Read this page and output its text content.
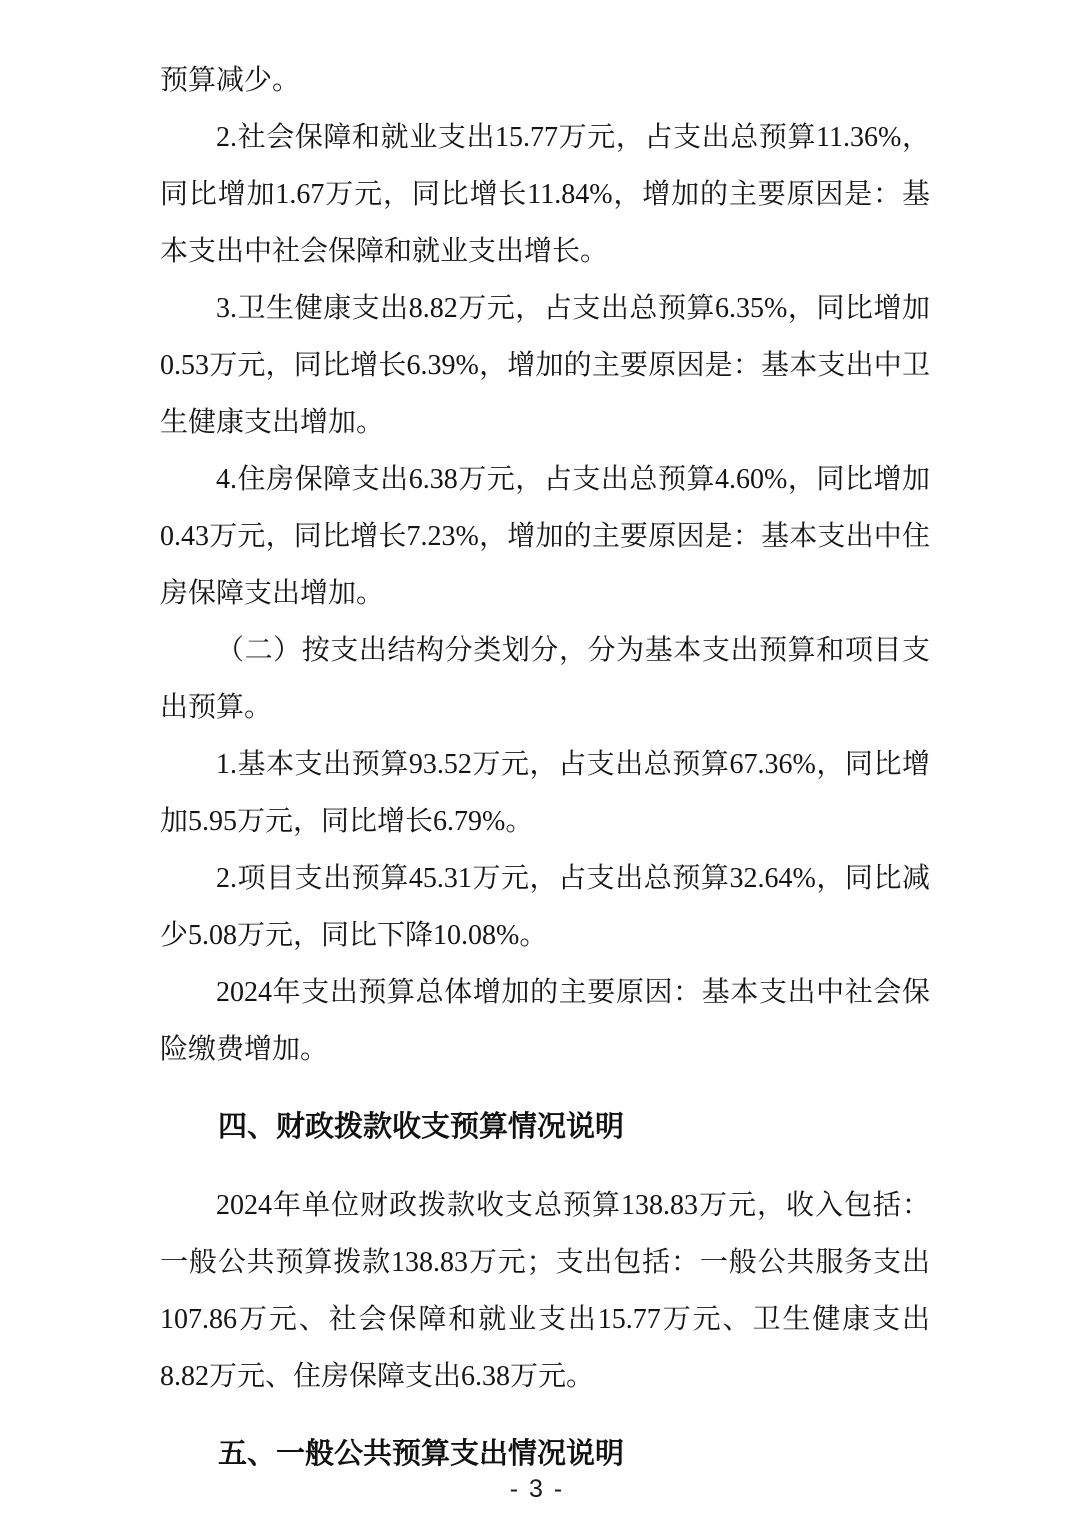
预算减少。

2.社会保障和就业支出15.77万元，占支出总预算11.36%，同比增加1.67万元，同比增长11.84%，增加的主要原因是：基本支出中社会保障和就业支出增长。

3.卫生健康支出8.82万元，占支出总预算6.35%，同比增加0.53万元，同比增长6.39%，增加的主要原因是：基本支出中卫生健康支出增加。

4.住房保障支出6.38万元，占支出总预算4.60%，同比增加0.43万元，同比增长7.23%，增加的主要原因是：基本支出中住房保障支出增加。

（二）按支出结构分类划分，分为基本支出预算和项目支出预算。

1.基本支出预算93.52万元，占支出总预算67.36%，同比增加5.95万元，同比增长6.79%。

2.项目支出预算45.31万元，占支出总预算32.64%，同比减少5.08万元，同比下降10.08%。

2024年支出预算总体增加的主要原因：基本支出中社会保险缴费增加。

四、财政拨款收支预算情况说明

2024年单位财政拨款收支总预算138.83万元，收入包括：一般公共预算拨款138.83万元；支出包括：一般公共服务支出107.86万元、社会保障和就业支出15.77万元、卫生健康支出8.82万元、住房保障支出6.38万元。

五、一般公共预算支出情况说明

- 3 -
